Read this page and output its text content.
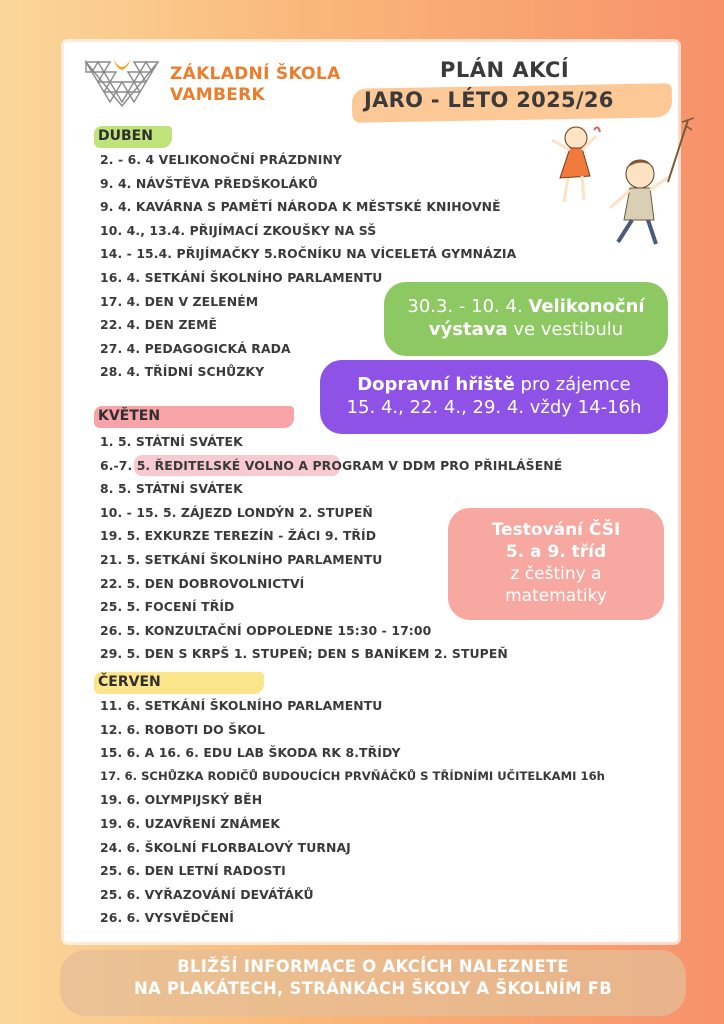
ZÁKLADNÍ ŠKOLA
VAMBERK
PLÁN AKCÍ
JARO - LÉTO 2025/26
DUBEN
2. - 6. 4 VELIKONOČNÍ PRÁZDNINY
9. 4. NÁVŠTĚVA PŘEDŠKOLÁKŮ
9. 4. KAVÁRNA S PAMĚTÍ NÁRODA K MĚSTSKÉ KNIHOVNĚ
10. 4., 13.4. PŘIJÍMACÍ ZKOUŠKY NA SŠ
14. - 15.4. PŘIJÍMAČKY 5.ROČNÍKU NA VÍCELETÁ GYMNÁZIA
16. 4. SETKÁNÍ ŠKOLNÍHO PARLAMENTU
17. 4. DEN V ZELENÉM
22. 4. DEN ZEMĚ
27. 4. PEDAGOGICKÁ RADA
28. 4. TŘÍDNÍ SCHŮZKY
KVĚTEN
1. 5. STÁTNÍ SVÁTEK
6.-7. 5. ŘEDITELSKÉ VOLNO A PROGRAM V DDM PRO PŘIHLÁŠENÉ
8. 5. STÁTNÍ SVÁTEK
10. - 15. 5. ZÁJEZD LONDÝN 2. STUPEŇ
19. 5. EXKURZE TEREZÍN - ŽÁCI 9. TŘÍD
21. 5. SETKÁNÍ ŠKOLNÍHO PARLAMENTU
22. 5. DEN DOBROVOLNICTVÍ
25. 5. FOCENÍ TŘÍD
26. 5. KONZULTAČNÍ ODPOLEDNE 15:30 - 17:00
29. 5. DEN S KRPŠ 1. STUPEŇ; DEN S BANÍKEM 2. STUPEŇ
ČERVEN
11. 6. SETKÁNÍ ŠKOLNÍHO PARLAMENTU
12. 6. ROBOTI DO ŠKOL
15. 6. A 16. 6. EDU LAB ŠKODA RK 8.TŘÍDY
17. 6. SCHŮZKA RODIČŮ BUDOUCÍCH PRVŇÁČKŮ S TŘÍDNÍMI UČITELKAMI 16h
19. 6. OLYMPIJSKÝ BĚH
19. 6. UZAVŘENÍ ZNÁMEK
24. 6. ŠKOLNÍ FLORBALOVÝ TURNAJ
25. 6. DEN LETNÍ RADOSTI
25. 6. VYŘAZOVÁNÍ DEVÁŤÁKŮ
26. 6. VYSVĚDČENÍ
30.3. - 10. 4. Velikonoční
výstava ve vestibulu
Dopravní hřiště pro zájemce
15. 4., 22. 4., 29. 4. vždy 14-16h
Testování ČŠI
5. a 9. tříd
z češtiny a
matematiky
BLIŽŠÍ INFORMACE O AKCÍCH NALEZNETE
NA PLAKÁTECH, STRÁNKÁCH ŠKOLY A ŠKOLNÍM FB
